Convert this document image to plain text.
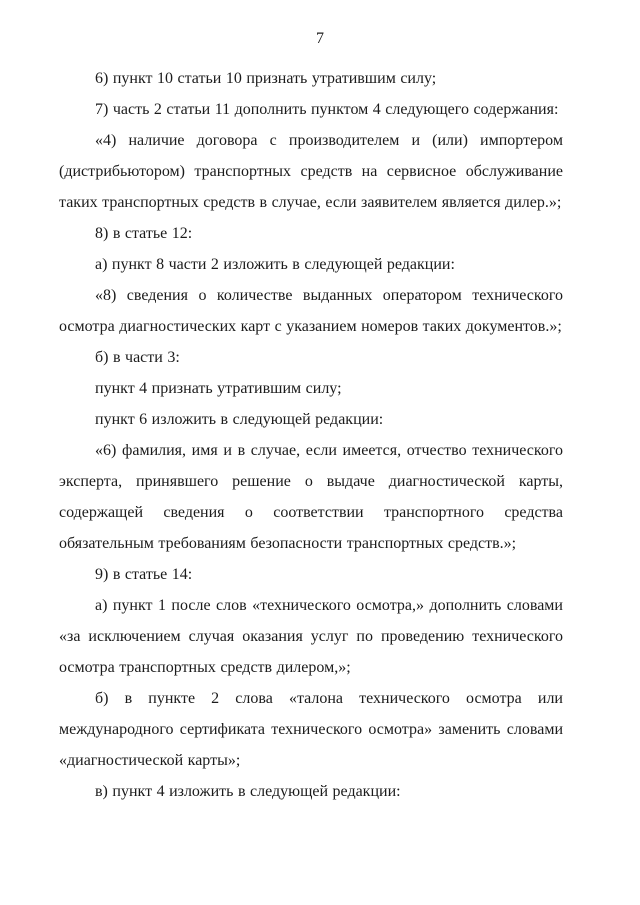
7
6) пункт 10 статьи 10 признать утратившим силу;
7) часть 2 статьи 11 дополнить пунктом 4 следующего содержания:
«4) наличие договора с производителем и (или) импортером
(дистрибьютором) транспортных средств на сервисное обслуживание
таких транспортных средств в случае, если заявителем является дилер.»;
8) в статье 12:
а) пункт 8 части 2 изложить в следующей редакции:
«8) сведения о количестве выданных оператором технического
осмотра диагностических карт с указанием номеров таких документов.»;
б) в части 3:
пункт 4 признать утратившим силу;
пункт 6 изложить в следующей редакции:
«6) фамилия, имя и в случае, если имеется, отчество технического
эксперта, принявшего решение о выдаче диагностической карты,
содержащей сведения о соответствии транспортного средства
обязательным требованиям безопасности транспортных средств.»;
9) в статье 14:
а) пункт 1 после слов «технического осмотра,» дополнить словами
«за исключением случая оказания услуг по проведению технического
осмотра транспортных средств дилером,»;
б) в пункте 2 слова «талона технического осмотра или
международного сертификата технического осмотра» заменить словами
«диагностической карты»;
в) пункт 4 изложить в следующей редакции:
